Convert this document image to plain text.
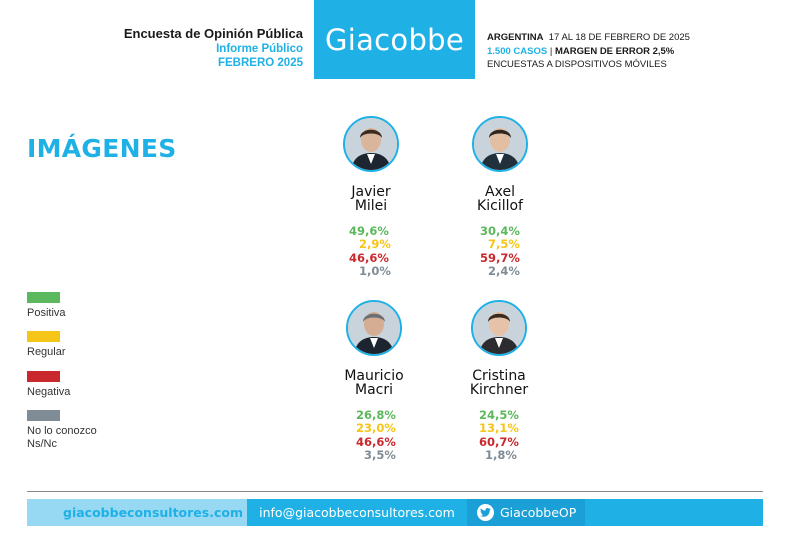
Encuesta de Opinión Pública
Informe Público
FEBRERO 2025
Giacobbe ARGENTINA 17 AL 18 DE FEBRERO DE 2025
1.500 CASOS | MARGEN DE ERROR 2,5%
ENCUESTAS A DISPOSITIVOS MÓVILES
IMÁGENES
Positiva
Regular
Negativa
No lo conozco
Ns/Nc
Javier
Milei
49,6%
2,9%
46,6%
1,0%
Axel
Kicillof
30,4%
7,5%
59,7%
2,4%
Mauricio
Macri
26,8%
23,0%
46,6%
3,5%
Cristina
Kirchner
24,5%
13,1%
60,7%
1,8%
giacobbeconsultores.com info@giacobbeconsultores.com	GiacobbeOP
